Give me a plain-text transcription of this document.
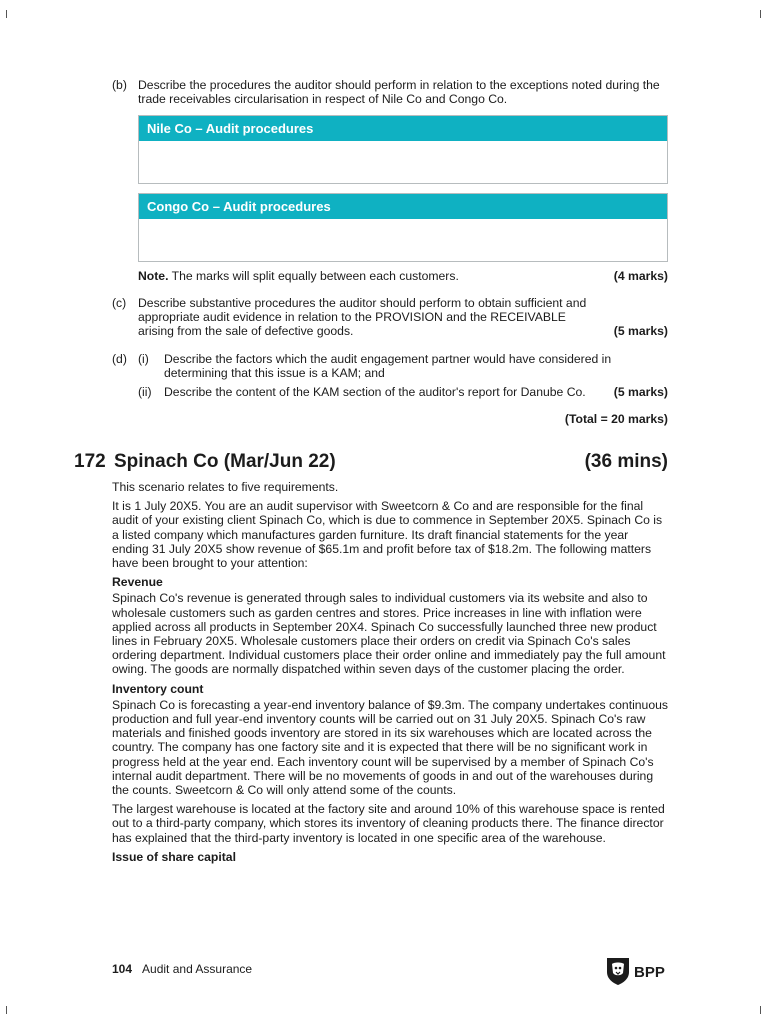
(b) Describe the procedures the auditor should perform in relation to the exceptions noted during the trade receivables circularisation in respect of Nile Co and Congo Co.
Nile Co – Audit procedures
Congo Co – Audit procedures
Note. The marks will split equally between each customers.	(4 marks)
(c) Describe substantive procedures the auditor should perform to obtain sufficient and appropriate audit evidence in relation to the PROVISION and the RECEIVABLE arising from the sale of defective goods.	(5 marks)
(d) (i) Describe the factors which the audit engagement partner would have considered in determining that this issue is a KAM; and
(ii) Describe the content of the KAM section of the auditor's report for Danube Co. (5 marks)
(Total = 20 marks)
172 Spinach Co (Mar/Jun 22)	(36 mins)

This scenario relates to five requirements.

It is 1 July 20X5. You are an audit supervisor with Sweetcorn & Co and are responsible for the final audit of your existing client Spinach Co, which is due to commence in September 20X5. Spinach Co is a listed company which manufactures garden furniture. Its draft financial statements for the year ending 31 July 20X5 show revenue of $65.1m and profit before tax of $18.2m. The following matters have been brought to your attention:

Revenue

Spinach Co's revenue is generated through sales to individual customers via its website and also to wholesale customers such as garden centres and stores. Price increases in line with inflation were applied across all products in September 20X4. Spinach Co successfully launched three new product lines in February 20X5. Wholesale customers place their orders on credit via Spinach Co's sales ordering department. Individual customers place their order online and immediately pay the full amount owing. The goods are normally dispatched within seven days of the customer placing the order.

Inventory count

Spinach Co is forecasting a year-end inventory balance of $9.3m. The company undertakes continuous production and full year-end inventory counts will be carried out on 31 July 20X5. Spinach Co's raw materials and finished goods inventory are stored in its six warehouses which are located across the country. The company has one factory site and it is expected that there will be no significant work in progress held at the year end. Each inventory count will be supervised by a member of Spinach Co's internal audit department. There will be no movements of goods in and out of the warehouses during the counts. Sweetcorn & Co will only attend some of the counts.

The largest warehouse is located at the factory site and around 10% of this warehouse space is rented out to a third-party company, which stores its inventory of cleaning products there. The finance director has explained that the third-party inventory is located in one specific area of the warehouse.

Issue of share capital
104 Audit and Assurance	BPP
